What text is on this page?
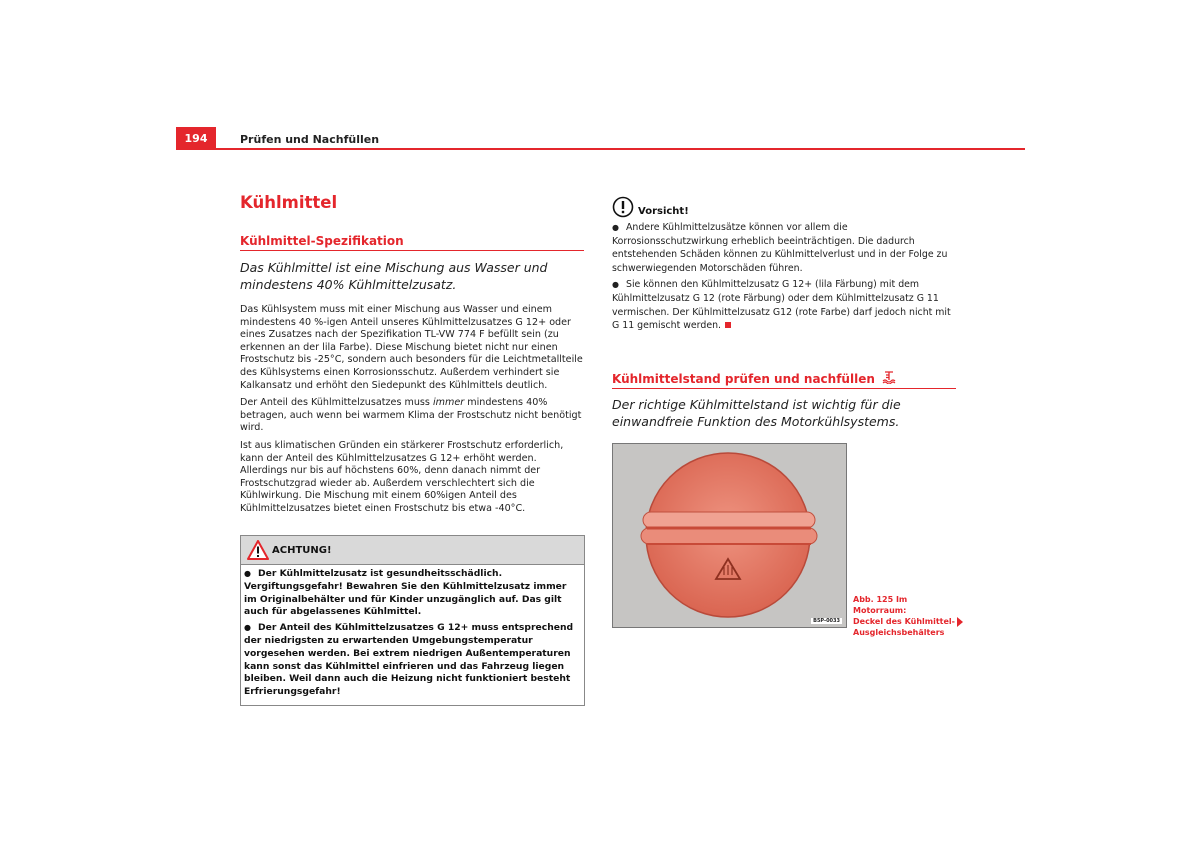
194	Prüfen und Nachfüllen
Kühlmittel
Kühlmittel-Spezifikation
Das Kühlmittel ist eine Mischung aus Wasser und mindestens 40% Kühlmittelzusatz.

Das Kühlsystem muss mit einer Mischung aus Wasser und einem mindestens 40 %-igen Anteil unseres Kühlmittelzusatzes G 12+ oder eines Zusatzes nach der Spezifikation TL-VW 774 F befüllt sein (zu erkennen an der lila Farbe). Diese Mischung bietet nicht nur einen Frostschutz bis -25°C, sondern auch besonders für die Leichtmetallteile des Kühlsystems einen Korrosionsschutz. Außerdem verhindert sie Kalkansatz und erhöht den Siedepunkt des Kühlmittels deutlich.

Der Anteil des Kühlmittelzusatzes muss immer mindestens 40% betragen, auch wenn bei warmem Klima der Frostschutz nicht benötigt wird.

Ist aus klimatischen Gründen ein stärkerer Frostschutz erforderlich, kann der Anteil des Kühlmittelzusatzes G 12+ erhöht werden. Allerdings nur bis auf höchstens 60%, denn danach nimmt der Frostschutzgrad wieder ab. Außerdem verschlechtert sich die Kühlwirkung. Die Mischung mit einem 60%igen Anteil des Kühlmittelzusatzes bietet einen Frostschutz bis etwa -40°C.

ACHTUNG!

● Der Kühlmittelzusatz ist gesundheitsschädlich. Vergiftungsgefahr! Bewahren Sie den Kühlmittelzusatz immer im Originalbehälter und für Kinder unzugänglich auf. Das gilt auch für abgelassenes Kühlmittel.

● Der Anteil des Kühlmittelzusatzes G 12+ muss entsprechend der niedrigsten zu erwartenden Umgebungstemperatur vorgesehen werden. Bei extrem niedrigen Außentemperaturen kann sonst das Kühlmittel einfrieren und das Fahrzeug liegen bleiben. Weil dann auch die Heizung nicht funktioniert besteht Erfrierungsgefahr!

Vorsicht!

● Andere Kühlmittelzusätze können vor allem die Korrosionsschutzwirkung erheblich beeinträchtigen. Die dadurch entstehenden Schäden können zu Kühlmittelverlust und in der Folge zu schwerwiegenden Motorschäden führen.

● Sie können den Kühlmittelzusatz G 12+ (lila Färbung) mit dem Kühlmittelzusatz G 12 (rote Färbung) oder dem Kühlmittelzusatz G 11 vermischen. Der Kühlmittelzusatz G12 (rote Farbe) darf jedoch nicht mit G 11 gemischt werden.

Kühlmittelstand prüfen und nachfüllen
Der richtige Kühlmittelstand ist wichtig für die einwandfreie Funktion des Motorkühlsystems.
B5P-0033
Abb. 125 Im Motorraum:
Deckel des Kühlmittel-
Ausgleichsbehälters
